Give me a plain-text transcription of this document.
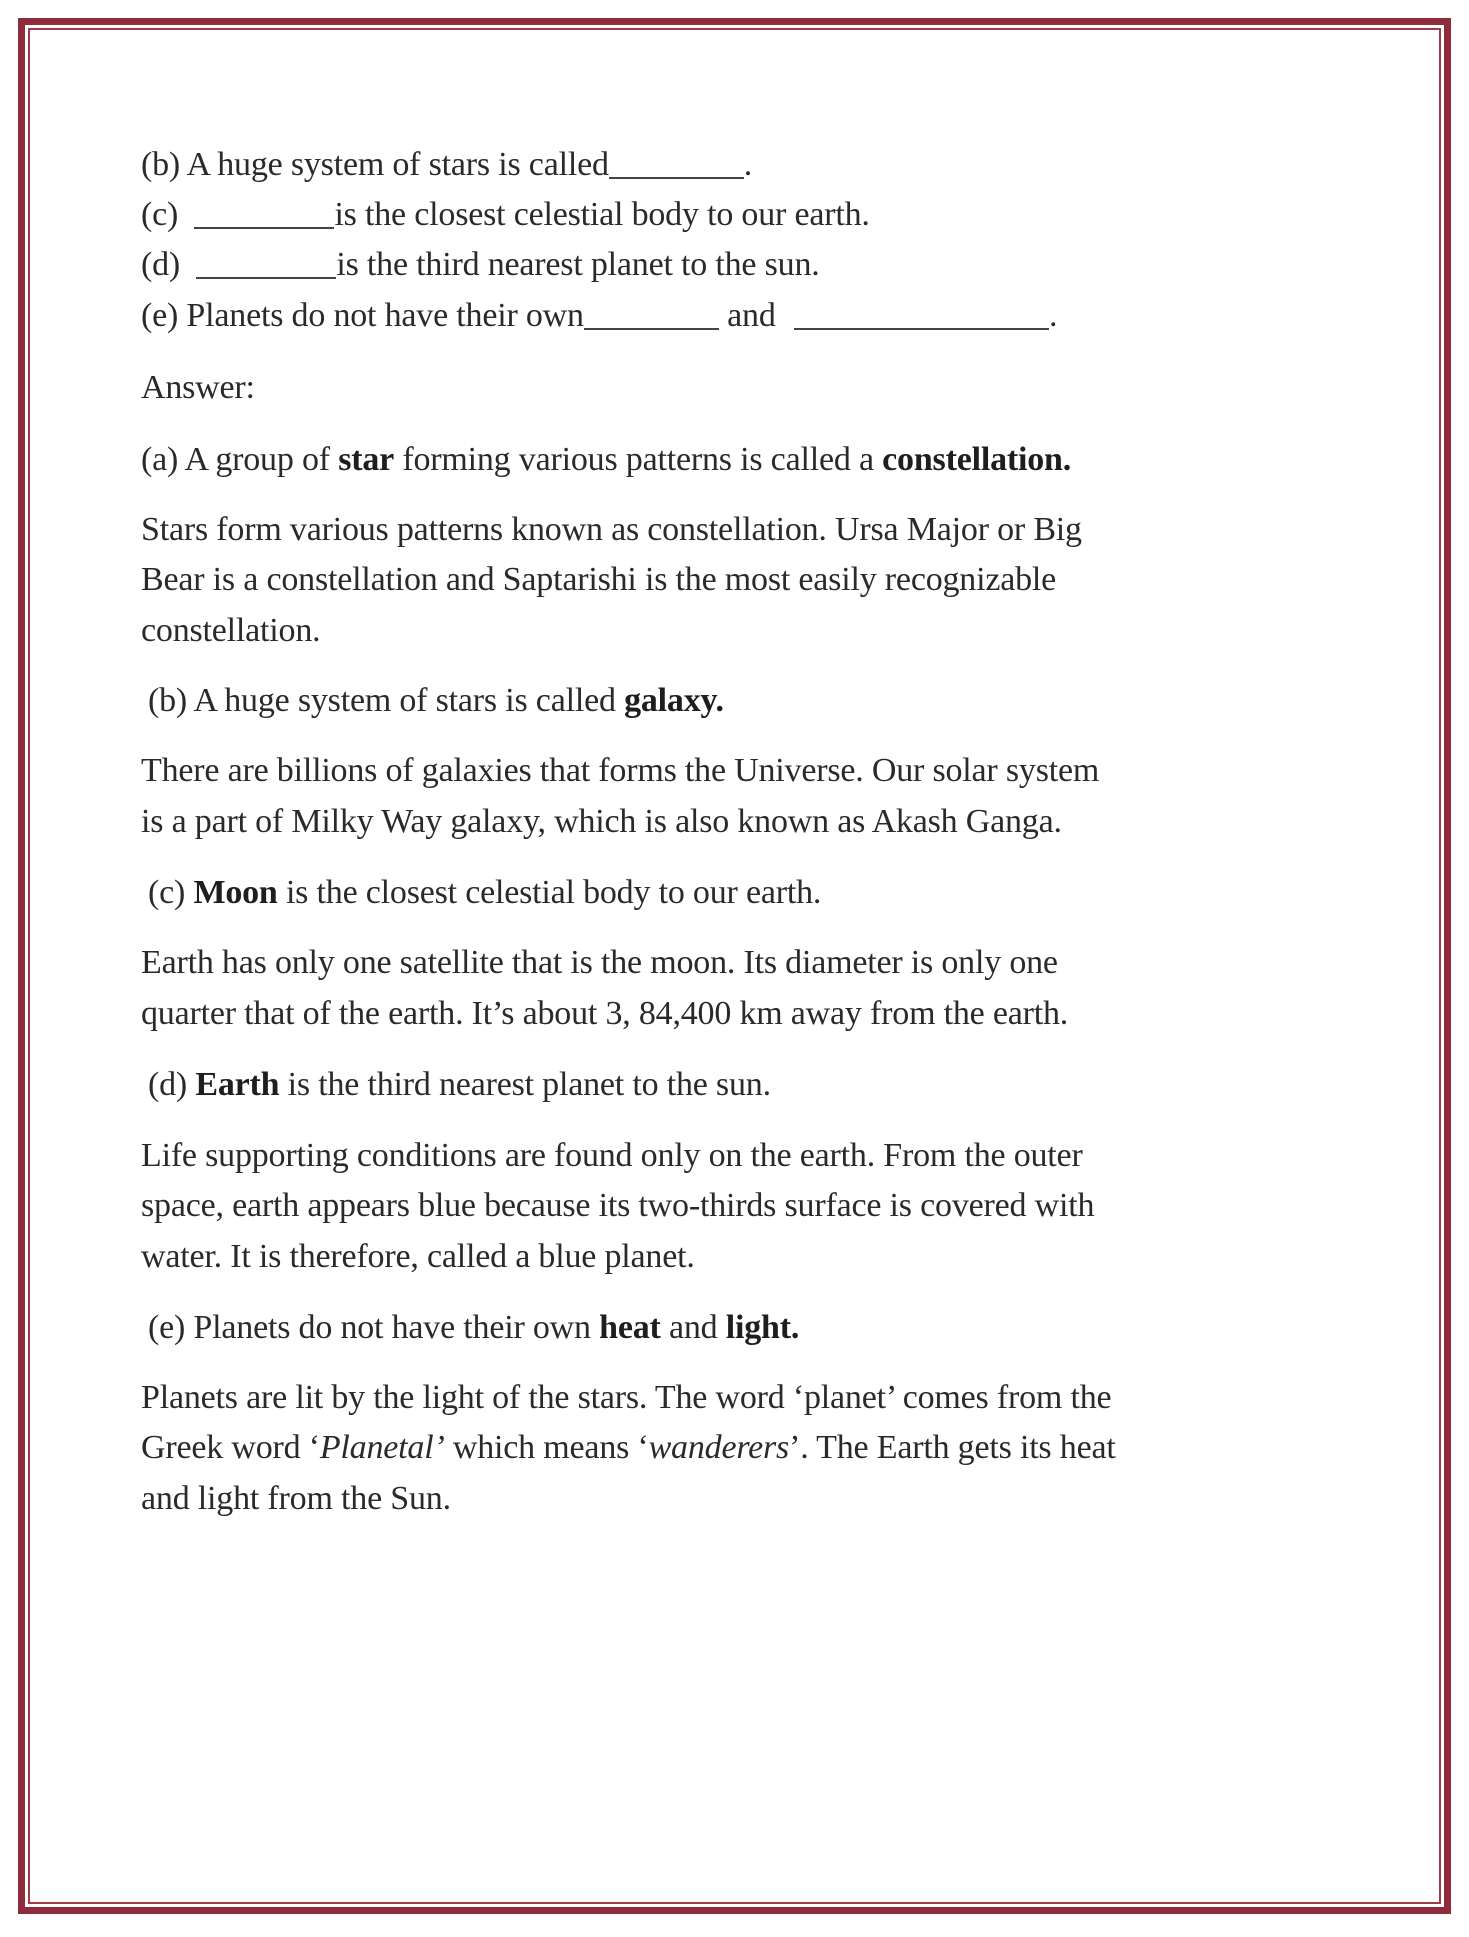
(b) A huge system of stars is called	.
(c)	is the closest celestial body to our earth.
(d)	is the third nearest planet to the sun.
(e) Planets do not have their own	and	.
Answer:
(a) A group of star forming various patterns is called a constellation.
Stars form various patterns known as constellation. Ursa Major or Big
Bear is a constellation and Saptarishi is the most easily recognizable
constellation.
(b) A huge system of stars is called galaxy.
There are billions of galaxies that forms the Universe. Our solar system
is a part of Milky Way galaxy, which is also known as Akash Ganga.
(c) Moon is the closest celestial body to our earth.
Earth has only one satellite that is the moon. Its diameter is only one
quarter that of the earth. It’s about 3, 84,400 km away from the earth.
(d) Earth is the third nearest planet to the sun.
Life supporting conditions are found only on the earth. From the outer
space, earth appears blue because its two-thirds surface is covered with
water. It is therefore, called a blue planet.
(e) Planets do not have their own heat and light.
Planets are lit by the light of the stars. The word ‘planet’ comes from the
Greek word ‘Planetal’ which means ‘wanderers’. The Earth gets its heat
and light from the Sun.
